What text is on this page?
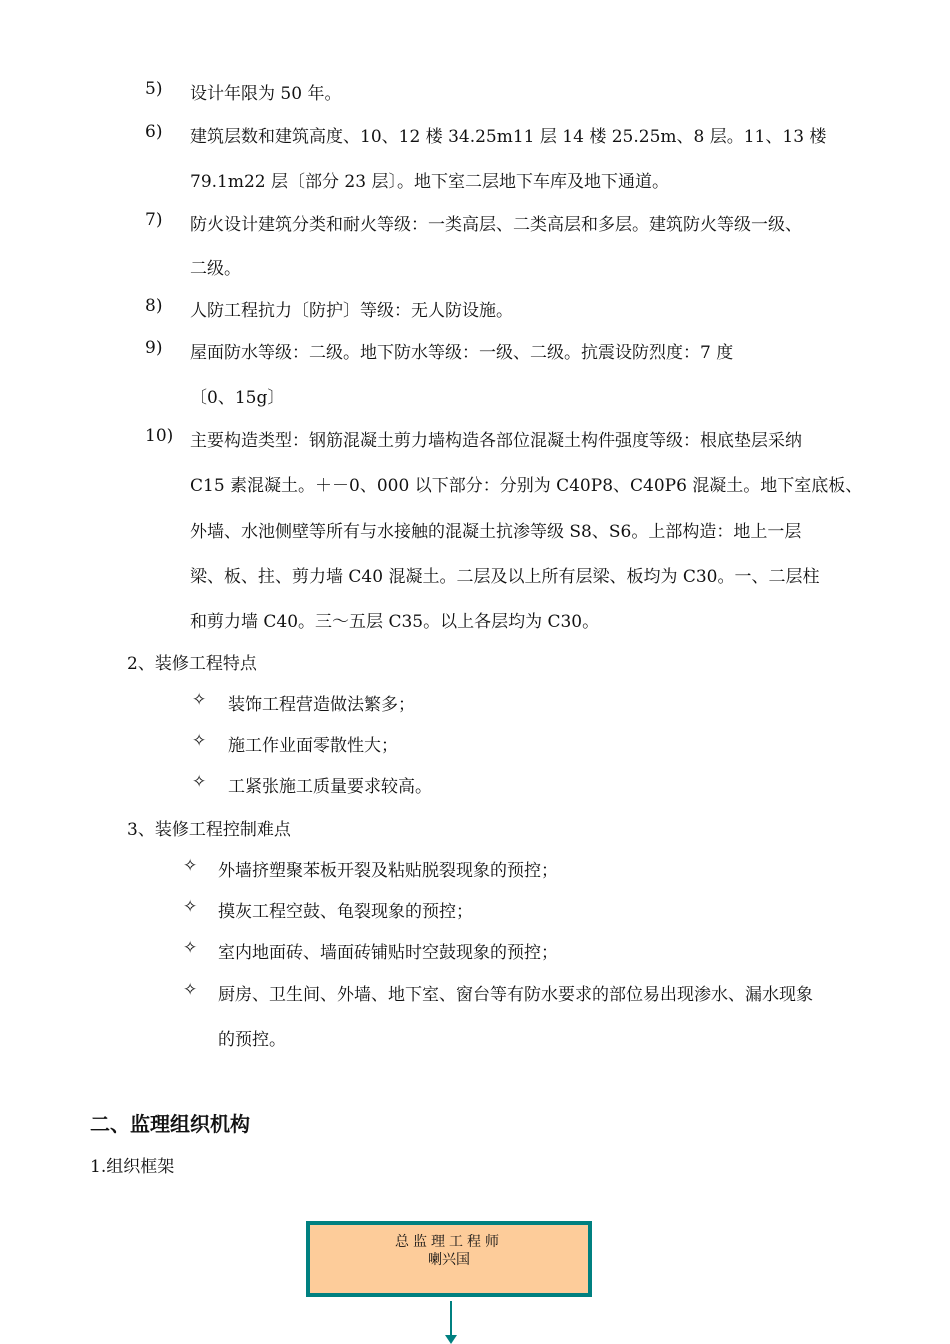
5) 设计年限为 50 年。
6) 建筑层数和建筑高度、10、12 楼 34.25m11 层 14 楼 25.25m、8 层。11、13 楼
79.1m22 层〔部分 23 层〕。地下室二层地下车库及地下通道。
7) 防火设计建筑分类和耐火等级：一类高层、二类高层和多层。建筑防火等级一级、
二级。
8) 人防工程抗力〔防护〕等级：无人防设施。
9) 屋面防水等级：二级。地下防水等级：一级、二级。抗震设防烈度：7 度
〔0、15g〕
10) 主要构造类型：钢筋混凝土剪力墙构造各部位混凝土构件强度等级：根底垫层采纳
C15 素混凝土。＋－0、000 以下部分：分别为 C40P8、C40P6 混凝土。地下室底板、
外墙、水池侧壁等所有与水接触的混凝土抗渗等级 S8、S6。上部构造：地上一层
梁、板、拄、剪力墙 C40 混凝土。二层及以上所有层梁、板均为 C30。一、二层柱
和剪力墙 C40。三～五层 C35。以上各层均为 C30。
2、装修工程特点
✧ 装饰工程营造做法繁多；
✧ 施工作业面零散性大；
✧ 工紧张施工质量要求较高。
3、装修工程控制难点
✧ 外墙挤塑聚苯板开裂及粘贴脱裂现象的预控；
✧ 摸灰工程空鼓、龟裂现象的预控；
✧ 室内地面砖、墙面砖铺贴时空鼓现象的预控；
✧ 厨房、卫生间、外墙、地下室、窗台等有防水要求的部位易出现渗水、漏水现象
的预控。
二、监理组织机构
1.组织框架
总监理工程师
喇兴国
